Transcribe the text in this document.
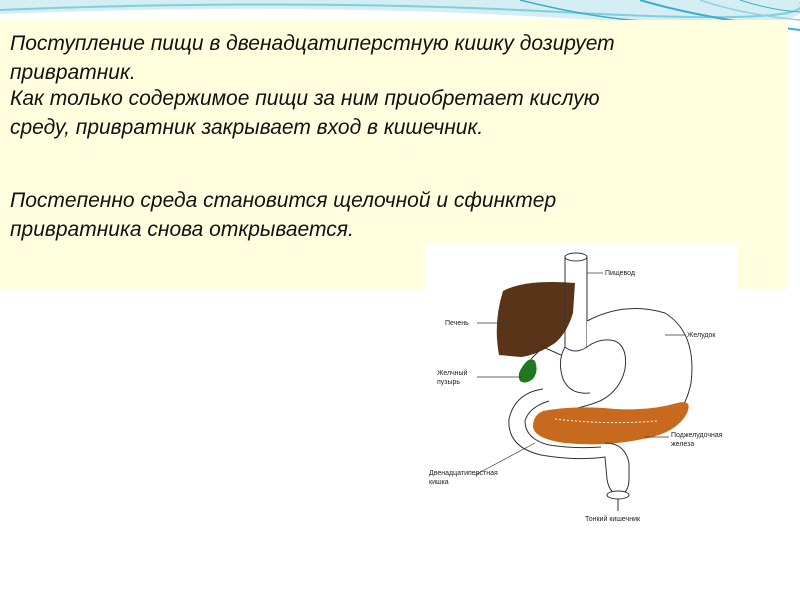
Поступление пищи в двенадцатиперстную кишку дозирует
привратник.

Как только содержимое пищи за ним приобретает кислую
среду, привратник закрывает вход в кишечник.

Постепенно среда становится щелочной и сфинктер
привратника снова открывается.

Пищевод
Печень
Желудок
Желчный
пузырь
Поджелудочная
железа
Двенадцатиперстная
кишка
Тонкий кишечник
